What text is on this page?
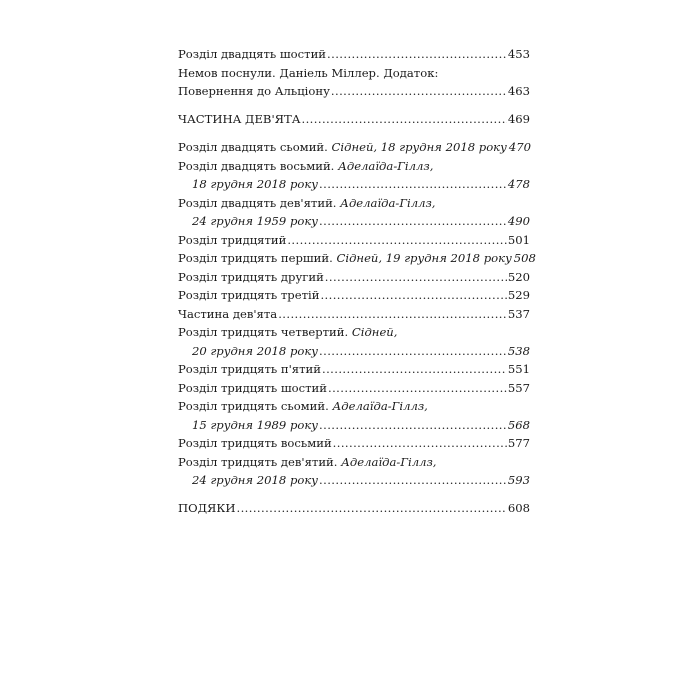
Розділ двадцять шостий .....	453
Немов поснули. Даніель Міллер. Додаток:
Повернення до Альціону .....	463
ЧАСТИНА ДЕВ'ЯТА .....	469
Розділ двадцять сьомий. Сідней, 18 грудня 2018 року 470
Розділ двадцять восьмий. Аделаїда-Гіллз,
18 грудня 2018 року .....	478
Розділ двадцять дев'ятий. Аделаїда-Гіллз,
24 грудня 1959 року .....	490
Розділ тридцятий .....	501
Розділ тридцять перший. Сідней, 19 грудня 2018 року 508
Розділ тридцять другий .....	520
Розділ тридцять третій .....	529
Частина дев'ята .....	537
Розділ тридцять четвертий. Сідней,
20 грудня 2018 року .....	538
Розділ тридцять п'ятий .....	551
Розділ тридцять шостий .....	557
Розділ тридцять сьомий. Аделаїда-Гіллз,
15 грудня 1989 року .....	568
Розділ тридцять восьмий .....	577
Розділ тридцять дев'ятий. Аделаїда-Гіллз,
24 грудня 2018 року .....	593
ПОДЯКИ .....	608
